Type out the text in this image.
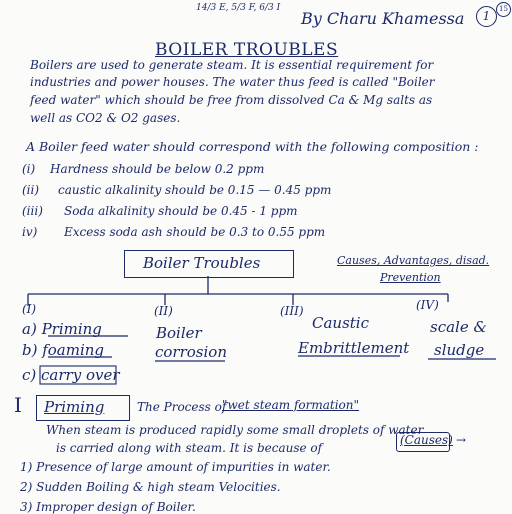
14/3 E, 5/3 F, 6/3 I
By Charu Khamessa	1	15
BOILER TROUBLES
Boilers are used to generate steam. It is essential requirement for
industries and power houses. The water thus feed is called "Boiler
feed water" which should be free from dissolved Ca & Mg salts as
well as CO2 & O2 gases.
A Boiler feed water should correspond with the following composition :
(i) Hardness should be below 0.2 ppm
(ii) caustic alkalinity should be 0.15 — 0.45 ppm
(iii) Soda alkalinity should be 0.45 - 1 ppm
iv) Excess soda ash should be 0.3 to 0.55 ppm
Boiler Troubles	Causes, Advantages, disad.
Prevention
(I)
a) Priming
b) foaming
c) carry over
(II)
Boiler
corrosion
(III)
Caustic
Embrittlement
(IV)
scale &
sludge
I Priming	The Process of
"wet steam formation"
When steam is produced rapidly some small droplets of water
is carried along with steam. It is because of
(Causes) →
1) Presence of large amount of impurities in water.
2) Sudden Boiling & high steam Velocities.
3) Improper design of Boiler.
